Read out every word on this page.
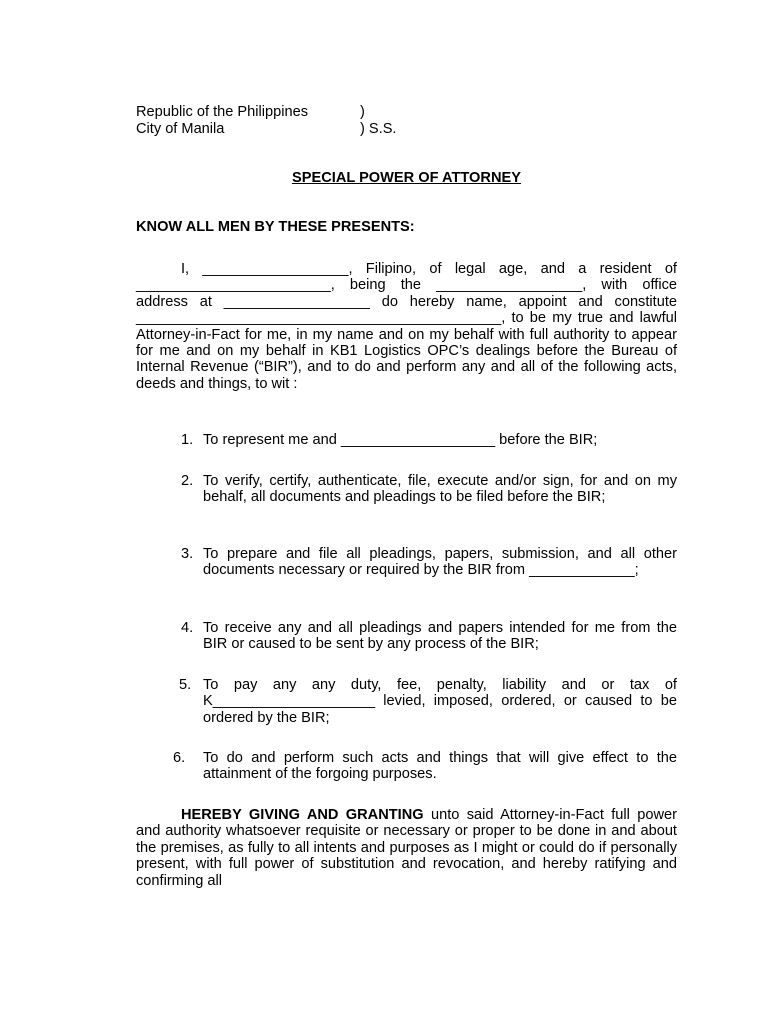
Republic of the Philippines	)
City of Manila	) S.S.
SPECIAL POWER OF ATTORNEY
KNOW ALL MEN BY THESE PRESENTS:
I, __________________, Filipino, of legal age, and a resident of ________________________, being the __________________, with office address at __________________ do hereby name, appoint and constitute _____________________________________________, to be my true and lawful Attorney-in-Fact for me, in my name and on my behalf with full authority to appear for me and on my behalf in KB1 Logistics OPC’s dealings before the Bureau of Internal Revenue (“BIR”), and to do and perform any and all of the following acts, deeds and things, to wit :
1. To represent me and ___________________ before the BIR;
2. To verify, certify, authenticate, file, execute and/or sign, for and on my behalf, all documents and pleadings to be filed before the BIR;
3. To prepare and file all pleadings, papers, submission, and all other documents necessary or required by the BIR from _____________;
4. To receive any and all pleadings and papers intended for me from the BIR or caused to be sent by any process of the BIR;
5. To pay any any duty, fee, penalty, liability and or tax of K____________________ levied, imposed, ordered, or caused to be ordered by the BIR;
6. To do and perform such acts and things that will give effect to the attainment of the forgoing purposes.
HEREBY GIVING AND GRANTING unto said Attorney-in-Fact full power and authority whatsoever requisite or necessary or proper to be done in and about the premises, as fully to all intents and purposes as I might or could do if personally present, with full power of substitution and revocation, and hereby ratifying and confirming all
